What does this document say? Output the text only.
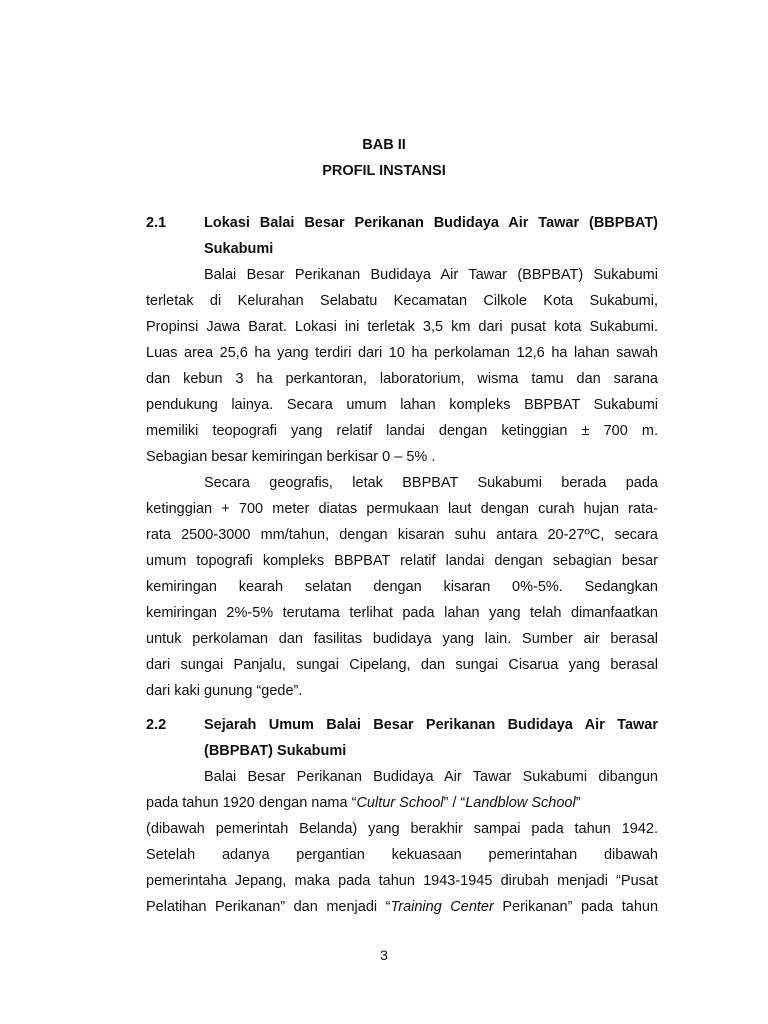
BAB II
PROFIL INSTANSI
2.1	Lokasi Balai Besar Perikanan Budidaya Air Tawar (BBPBAT)
Sukabumi
Balai Besar Perikanan Budidaya Air Tawar (BBPBAT) Sukabumi
terletak di Kelurahan Selabatu Kecamatan Cilkole Kota Sukabumi,
Propinsi Jawa Barat. Lokasi ini terletak 3,5 km dari pusat kota Sukabumi.
Luas area 25,6 ha yang terdiri dari 10 ha perkolaman 12,6 ha lahan sawah
dan kebun 3 ha perkantoran, laboratorium, wisma tamu dan sarana
pendukung lainya. Secara umum lahan kompleks BBPBAT Sukabumi
memiliki teopografi yang relatif landai dengan ketinggian ± 700 m.
Sebagian besar kemiringan berkisar 0 – 5% .
Secara geografis, letak BBPBAT Sukabumi berada pada
ketinggian + 700 meter diatas permukaan laut dengan curah hujan rata-
rata 2500-3000 mm/tahun, dengan kisaran suhu antara 20-27ºC, secara
umum topografi kompleks BBPBAT relatif landai dengan sebagian besar
kemiringan kearah selatan dengan kisaran 0%-5%. Sedangkan
kemiringan 2%-5% terutama terlihat pada lahan yang telah dimanfaatkan
untuk perkolaman dan fasilitas budidaya yang lain. Sumber air berasal
dari sungai Panjalu, sungai Cipelang, dan sungai Cisarua yang berasal
dari kaki gunung “gede”.
2.2	Sejarah Umum Balai Besar Perikanan Budidaya Air Tawar
(BBPBAT) Sukabumi
Balai Besar Perikanan Budidaya Air Tawar Sukabumi dibangun
pada tahun 1920 dengan nama “Cultur School” / “Landblow School”
(dibawah pemerintah Belanda) yang berakhir sampai pada tahun 1942.
Setelah adanya pergantian kekuasaan pemerintahan dibawah
pemerintaha Jepang, maka pada tahun 1943-1945 dirubah menjadi “Pusat
Pelatihan Perikanan” dan menjadi “Training Center Perikanan” pada tahun
3
